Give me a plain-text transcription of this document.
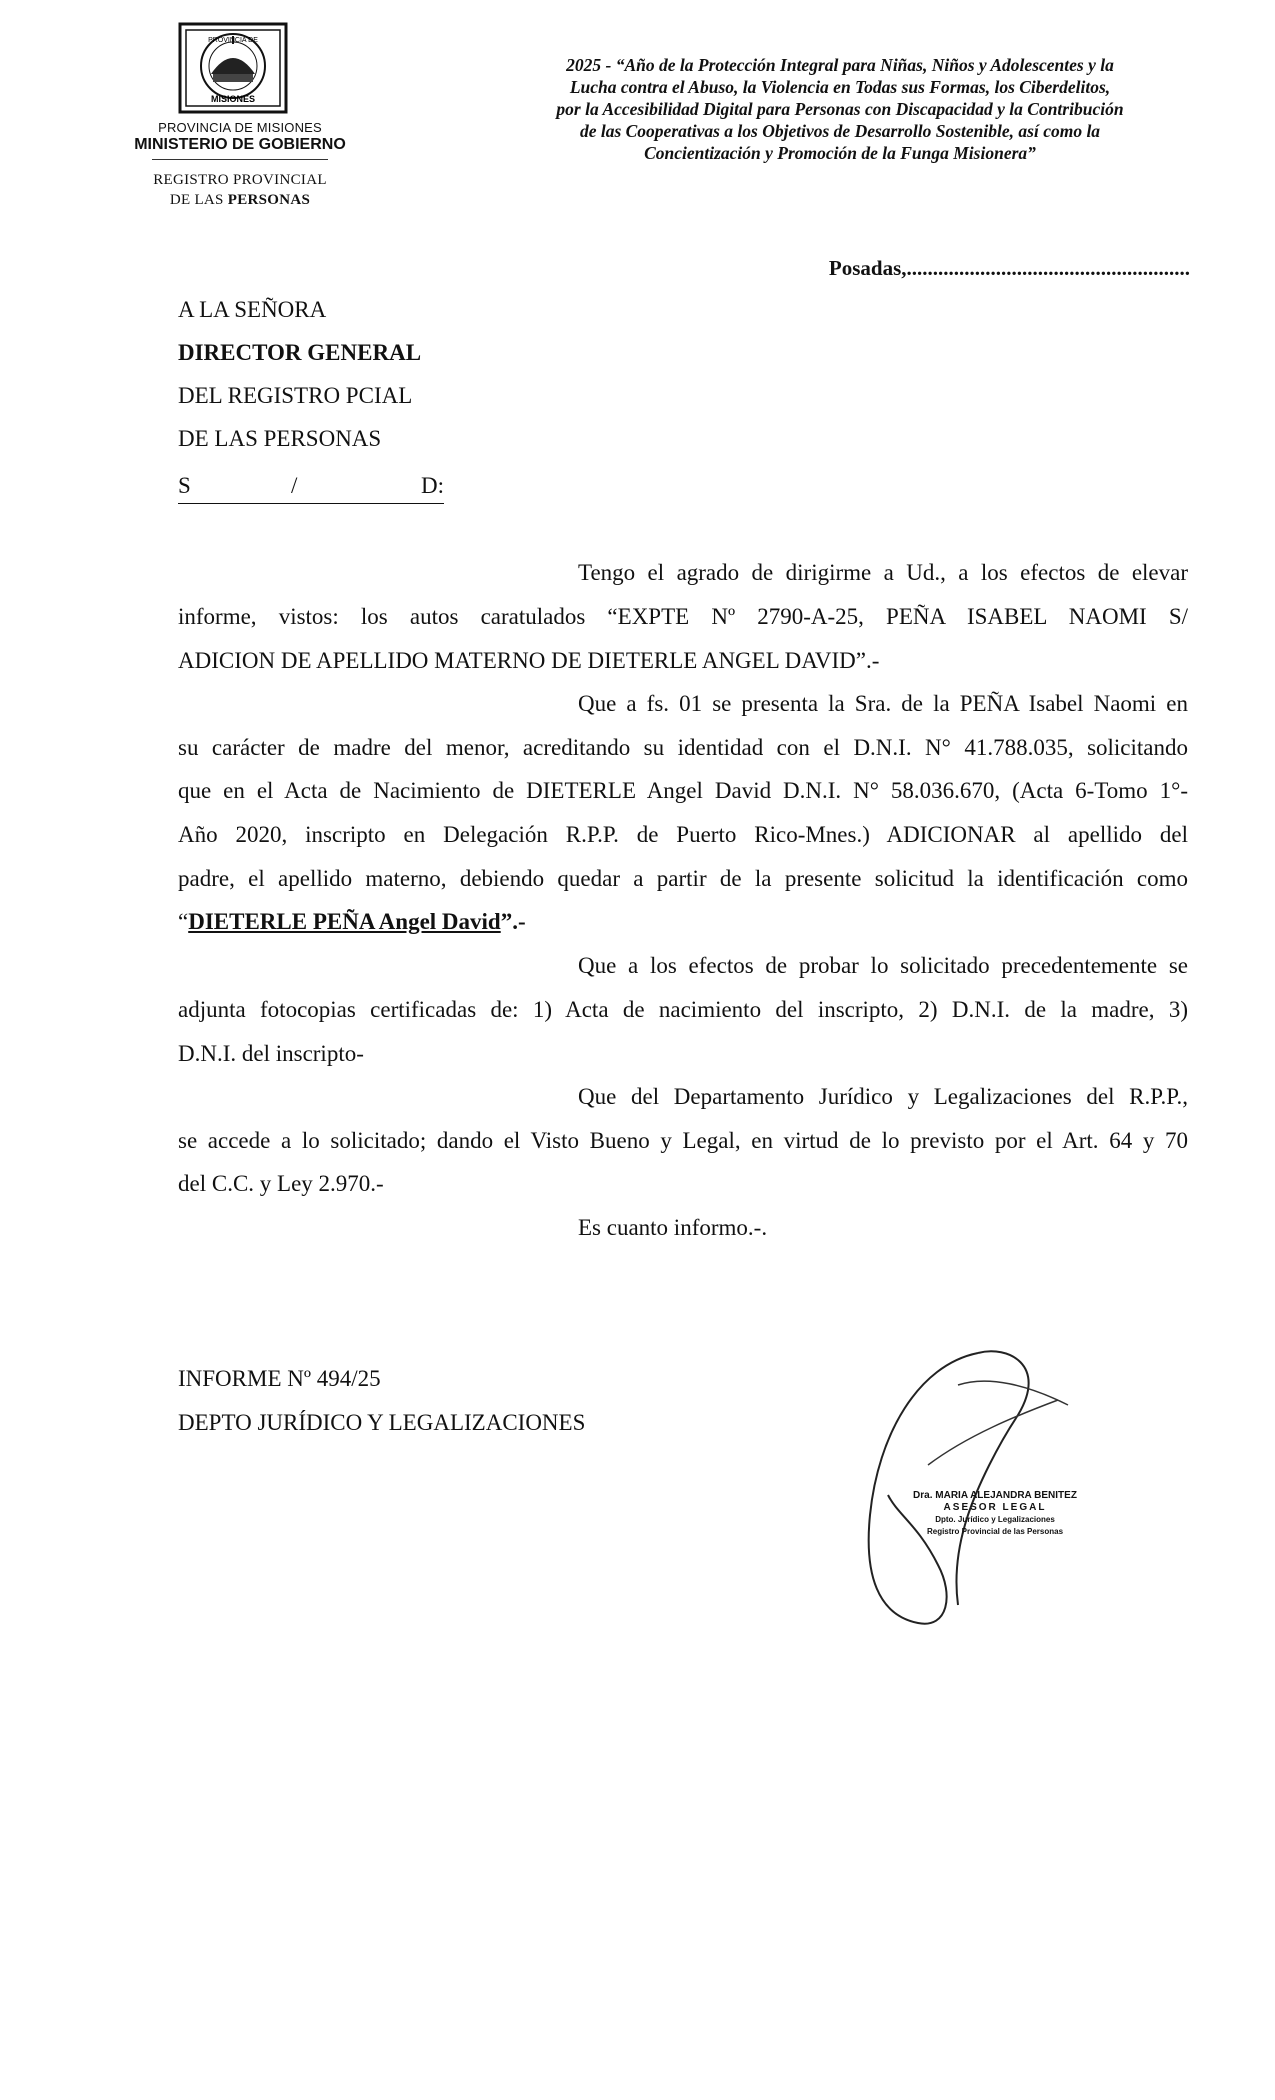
PROVINCIA DE
MISIONES
PROVINCIA DE MISIONES
MINISTERIO DE GOBIERNO
REGISTRO PROVINCIAL
DE LAS PERSONAS
2025 - “Año de la Protección Integral para Niñas, Niños y Adolescentes y la
Lucha contra el Abuso, la Violencia en Todas sus Formas, los Ciberdelitos,
por la Accesibilidad Digital para Personas con Discapacidad y la Contribución
de las Cooperativas a los Objetivos de Desarrollo Sostenible, así como la
Concientización y Promoción de la Funga Misionera”
Posadas,......................................................
A LA SEÑORA
DIRECTOR GENERAL
DEL REGISTRO PCIAL
DE LAS PERSONAS
S	/	D:
Tengo el agrado de dirigirme a Ud., a los efectos de elevar
informe, vistos: los autos caratulados “EXPTE Nº 2790-A-25, PEÑA ISABEL NAOMI S/
ADICION DE APELLIDO MATERNO DE DIETERLE ANGEL DAVID”.-
Que a fs. 01 se presenta la Sra. de la PEÑA Isabel Naomi en
su carácter de madre del menor, acreditando su identidad con el D.N.I. N° 41.788.035, solicitando
que en el Acta de Nacimiento de DIETERLE Angel David D.N.I. N° 58.036.670, (Acta 6-Tomo 1°-
Año 2020, inscripto en Delegación R.P.P. de Puerto Rico-Mnes.) ADICIONAR al apellido del
padre, el apellido materno, debiendo quedar a partir de la presente solicitud la identificación como
“DIETERLE PEÑA Angel David”.-
Que a los efectos de probar lo solicitado precedentemente se
adjunta fotocopias certificadas de: 1) Acta de nacimiento del inscripto, 2) D.N.I. de la madre, 3)
D.N.I. del inscripto-
Que del Departamento Jurídico y Legalizaciones del R.P.P.,
se accede a lo solicitado; dando el Visto Bueno y Legal, en virtud de lo previsto por el Art. 64 y 70
del C.C. y Ley 2.970.-
Es cuanto informo.-.
INFORME Nº 494/25
DEPTO JURÍDICO Y LEGALIZACIONES
Dra. MARIA ALEJANDRA BENITEZ
ASESOR LEGAL
Dpto. Jurídico y Legalizaciones
Registro Provincial de las Personas
